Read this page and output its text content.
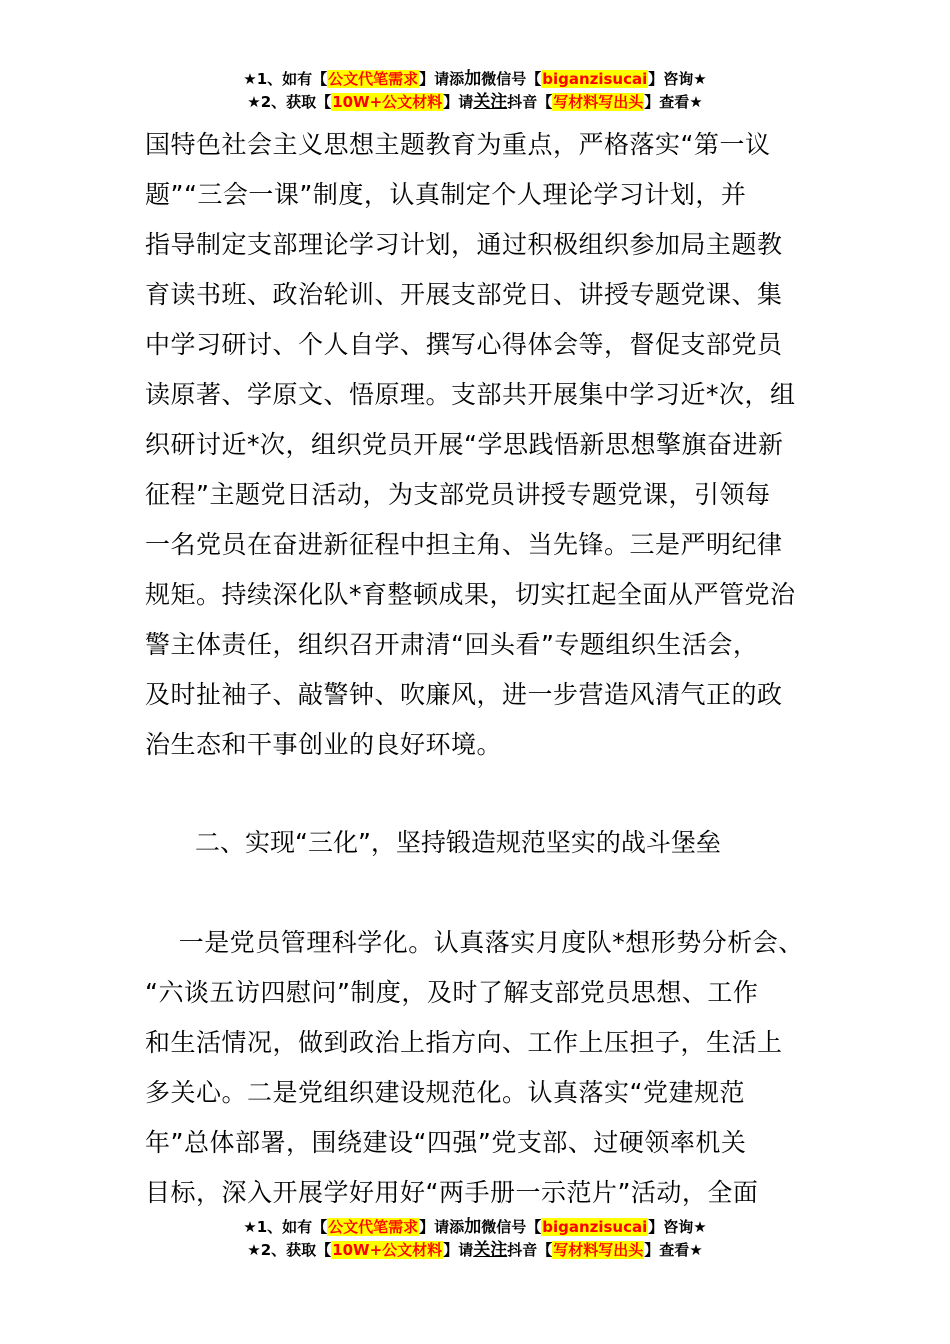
★1、如有【公文代笔需求】请添加微信号【biganzisucai】咨询★
★2、获取【10W+公文材料】请关注抖音【写材料写出头】查看★
国特色社会主义思想主题教育为重点，严格落实“第一议
题”“三会一课”制度，认真制定个人理论学习计划，并
指导制定支部理论学习计划，通过积极组织参加局主题教
育读书班、政治轮训、开展支部党日、讲授专题党课、集
中学习研讨、个人自学、撰写心得体会等，督促支部党员
读原著、学原文、悟原理。支部共开展集中学习近*次，组
织研讨近*次，组织党员开展“学思践悟新思想擎旗奋进新
征程”主题党日活动，为支部党员讲授专题党课，引领每
一名党员在奋进新征程中担主角、当先锋。三是严明纪律
规矩。持续深化队*育整顿成果，切实扛起全面从严管党治
警主体责任，组织召开肃清“回头看”专题组织生活会，
及时扯袖子、敲警钟、吹廉风，进一步营造风清气正的政
治生态和干事创业的良好环境。
二、实现“三化”，坚持锻造规范坚实的战斗堡垒
一是党员管理科学化。认真落实月度队*想形势分析会、
“六谈五访四慰问”制度，及时了解支部党员思想、工作
和生活情况，做到政治上指方向、工作上压担子，生活上
多关心。二是党组织建设规范化。认真落实“党建规范
年”总体部署，围绕建设“四强”党支部、过硬领率机关
目标，深入开展学好用好“两手册一示范片”活动，全面
★1、如有【公文代笔需求】请添加微信号【biganzisucai】咨询★
★2、获取【10W+公文材料】请关注抖音【写材料写出头】查看★
